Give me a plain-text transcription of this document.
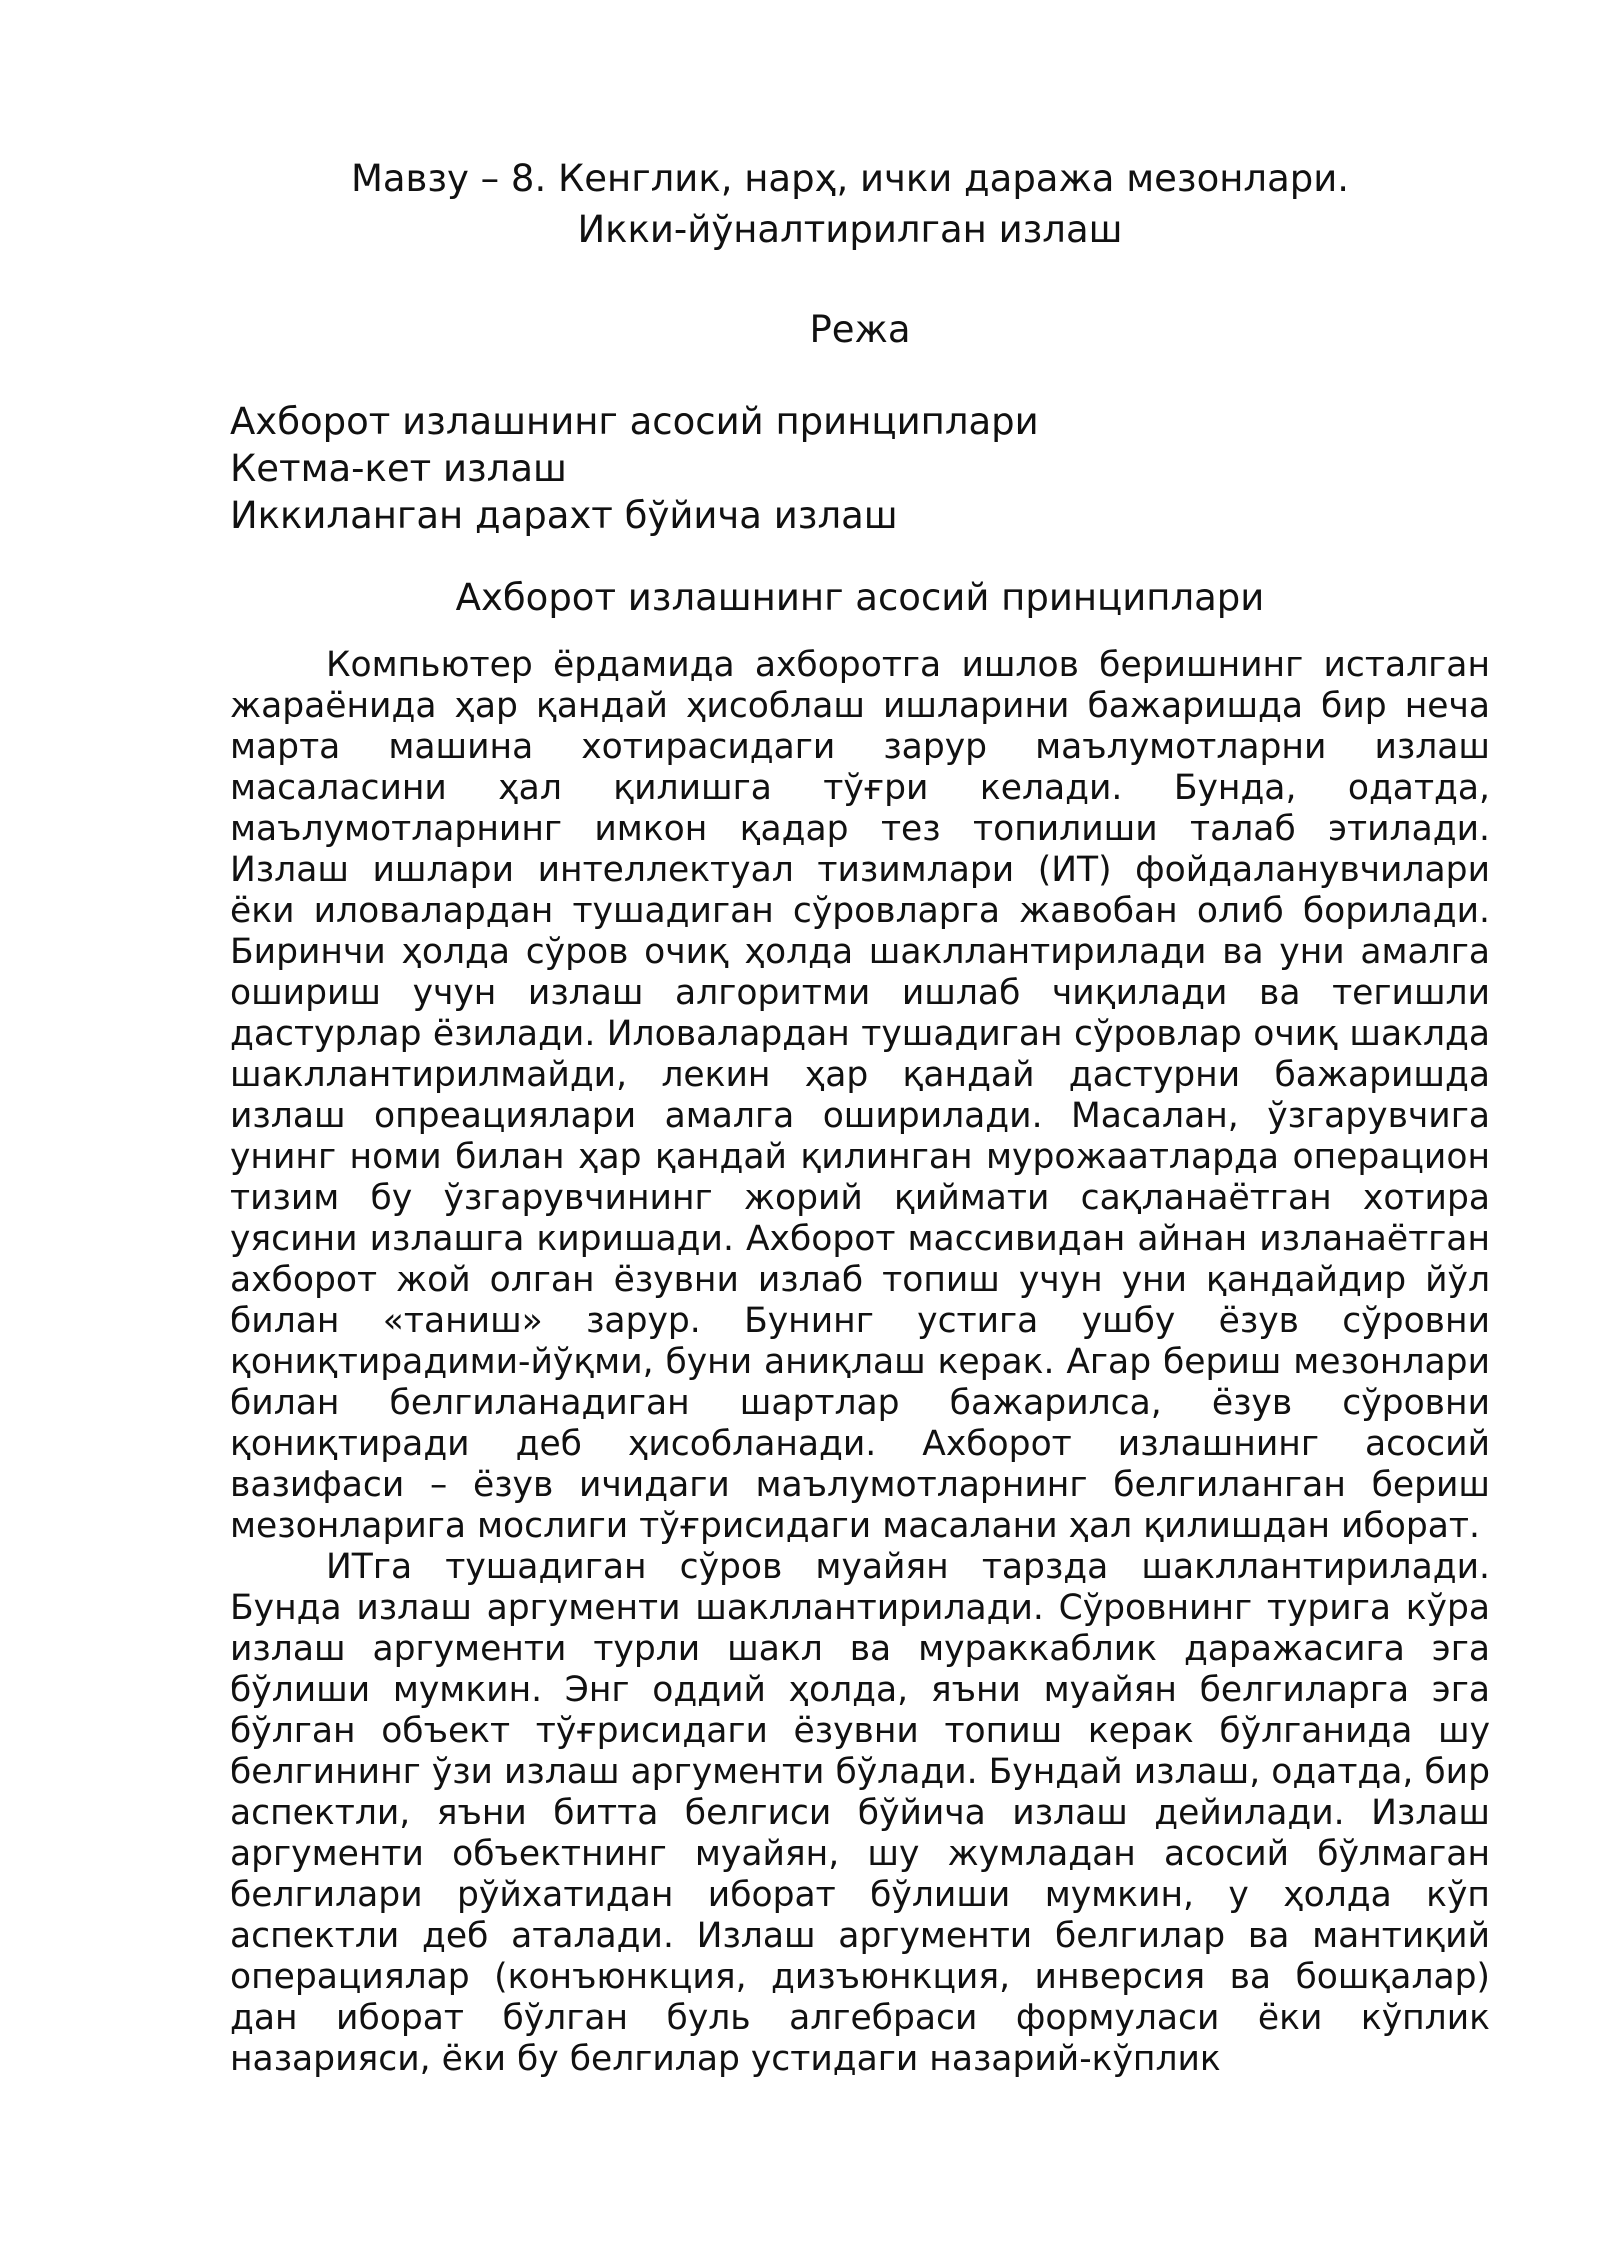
Мавзу – 8. Кенглик, нарҳ, ички даража мезонлари. Икки-йўналтирилган излаш
Режа
Ахборот излашнинг асосий принциплари
Кетма-кет излаш
Иккиланган дарахт бўйича излаш
Ахборот излашнинг асосий принциплари

Компьютер ёрдамида ахборотга ишлов беришнинг исталган жараёнида ҳар қандай ҳисоблаш ишларини бажаришда бир неча марта машина хотирасидаги зарур маълумотларни излаш масаласини ҳал қилишга тўғри келади. Бунда, одатда, маълумотларнинг имкон қадар тез топилиши талаб этилади. Излаш ишлари интеллектуал тизимлари (ИТ) фойдаланувчилари ёки иловалардан тушадиган сўровларга жавобан олиб борилади. Биринчи ҳолда сўров очиқ ҳолда шакллантирилади ва уни амалга ошириш учун излаш алгоритми ишлаб чиқилади ва тегишли дастурлар ёзилади. Иловалардан тушадиган сўровлар очиқ шаклда шакллантирилмайди, лекин ҳар қандай дастурни бажаришда излаш опреациялари амалга оширилади. Масалан, ўзгарувчига унинг номи билан ҳар қандай қилинган мурожаатларда операцион тизим бу ўзгарувчининг жорий қиймати сақланаётган хотира уясини излашга киришади. Ахборот массивидан айнан изланаётган ахборот жой олган ёзувни излаб топиш учун уни қандайдир йўл билан «таниш» зарур. Бунинг устига ушбу ёзув сўровни қониқтирадими-йўқми, буни аниқлаш керак. Агар бериш мезонлари билан белгиланадиган шартлар бажарилса, ёзув сўровни қониқтиради деб ҳисобланади. Ахборот излашнинг асосий вазифаси – ёзув ичидаги маълумотларнинг белгиланган бериш мезонларига мослиги тўғрисидаги масалани ҳал қилишдан иборат.

ИТга тушадиган сўров муайян тарзда шакллантирилади. Бунда излаш аргументи шакллантирилади. Сўровнинг турига кўра излаш аргументи турли шакл ва мураккаблик даражасига эга бўлиши мумкин. Энг оддий ҳолда, яъни муайян белгиларга эга бўлган объект тўғрисидаги ёзувни топиш керак бўлганида шу белгининг ўзи излаш аргументи бўлади. Бундай излаш, одатда, бир аспектли, яъни битта белгиси бўйича излаш дейилади. Излаш аргументи объектнинг муайян, шу жумладан асосий бўлмаган белгилари рўйхатидан иборат бўлиши мумкин, у ҳолда кўп аспектли деб аталади. Излаш аргументи белгилар ва мантиқий операциялар (конъюнкция, дизъюнкция, инверсия ва бошқалар) дан иборат бўлган буль алгебраси формуласи ёки кўплик назарияси, ёки бу белгилар устидаги назарий-кўплик
